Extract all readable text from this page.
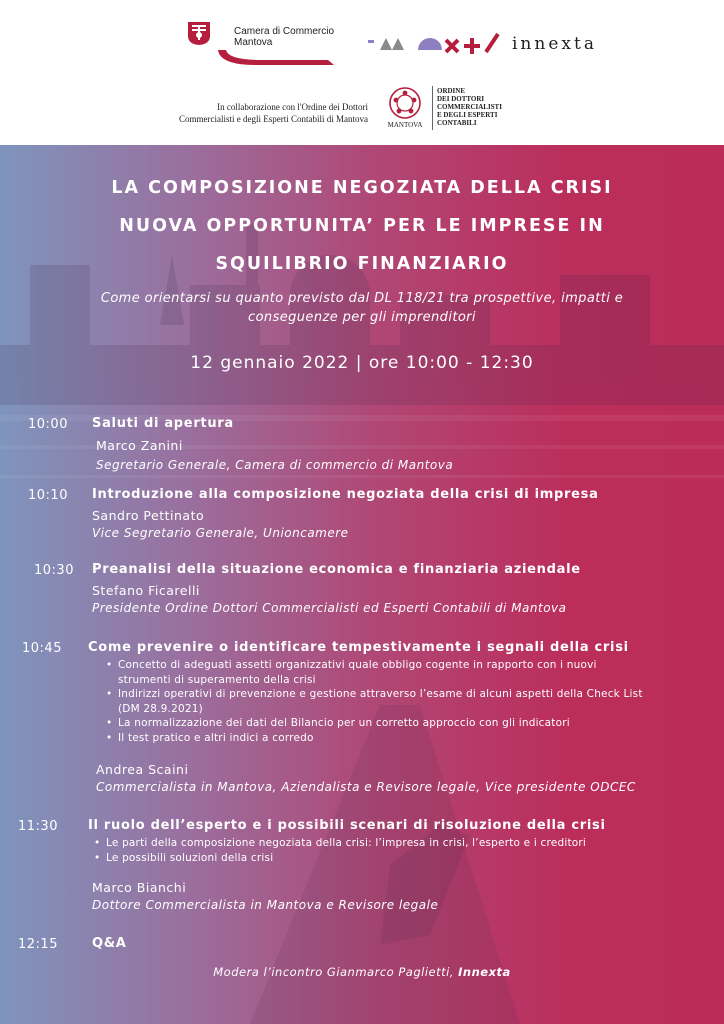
Camera di Commercio
Mantova	innexta
In collaborazione con l'Ordine dei Dottori
Commercialisti e degli Esperti Contabili di Mantova
MANTOVA
ORDINE
DEI DOTTORI
COMMERCIALISTI
E DEGLI ESPERTI
CONTABILI
LA COMPOSIZIONE NEGOZIATA DELLA CRISI
NUOVA OPPORTUNITA’ PER LE IMPRESE IN
SQUILIBRIO FINANZIARIO
Come orientarsi su quanto previsto dal DL 118/21 tra prospettive, impatti e
conseguenze per gli imprenditori
12 gennaio 2022 | ore 10:00 - 12:30
10:00 Saluti di apertura
Marco Zanini
Segretario Generale, Camera di commercio di Mantova
10:10 Introduzione alla composizione negoziata della crisi di impresa
Sandro Pettinato
Vice Segretario Generale, Unioncamere
10:30 Preanalisi della situazione economica e finanziaria aziendale
Stefano Ficarelli
Presidente Ordine Dottori Commercialisti ed Esperti Contabili di Mantova
10:45 Come prevenire o identificare tempestivamente i segnali della crisi
• Concetto di adeguati assetti organizzativi quale obbligo cogente in rapporto con i nuovi
strumenti di superamento della crisi
• Indirizzi operativi di prevenzione e gestione attraverso l’esame di alcuni aspetti della Check List
(DM 28.9.2021)
• La normalizzazione dei dati del Bilancio per un corretto approccio con gli indicatori
• Il test pratico e altri indici a corredo
Andrea Scaini
Commercialista in Mantova, Aziendalista e Revisore legale, Vice presidente ODCEC
11:30 Il ruolo dell’esperto e i possibili scenari di risoluzione della crisi
• Le parti della composizione negoziata della crisi: l’impresa in crisi, l’esperto e i creditori
• Le possibili soluzioni della crisi
Marco Bianchi
Dottore Commercialista in Mantova e Revisore legale
12:15	Q&A
Modera l’incontro Gianmarco Paglietti, Innexta
